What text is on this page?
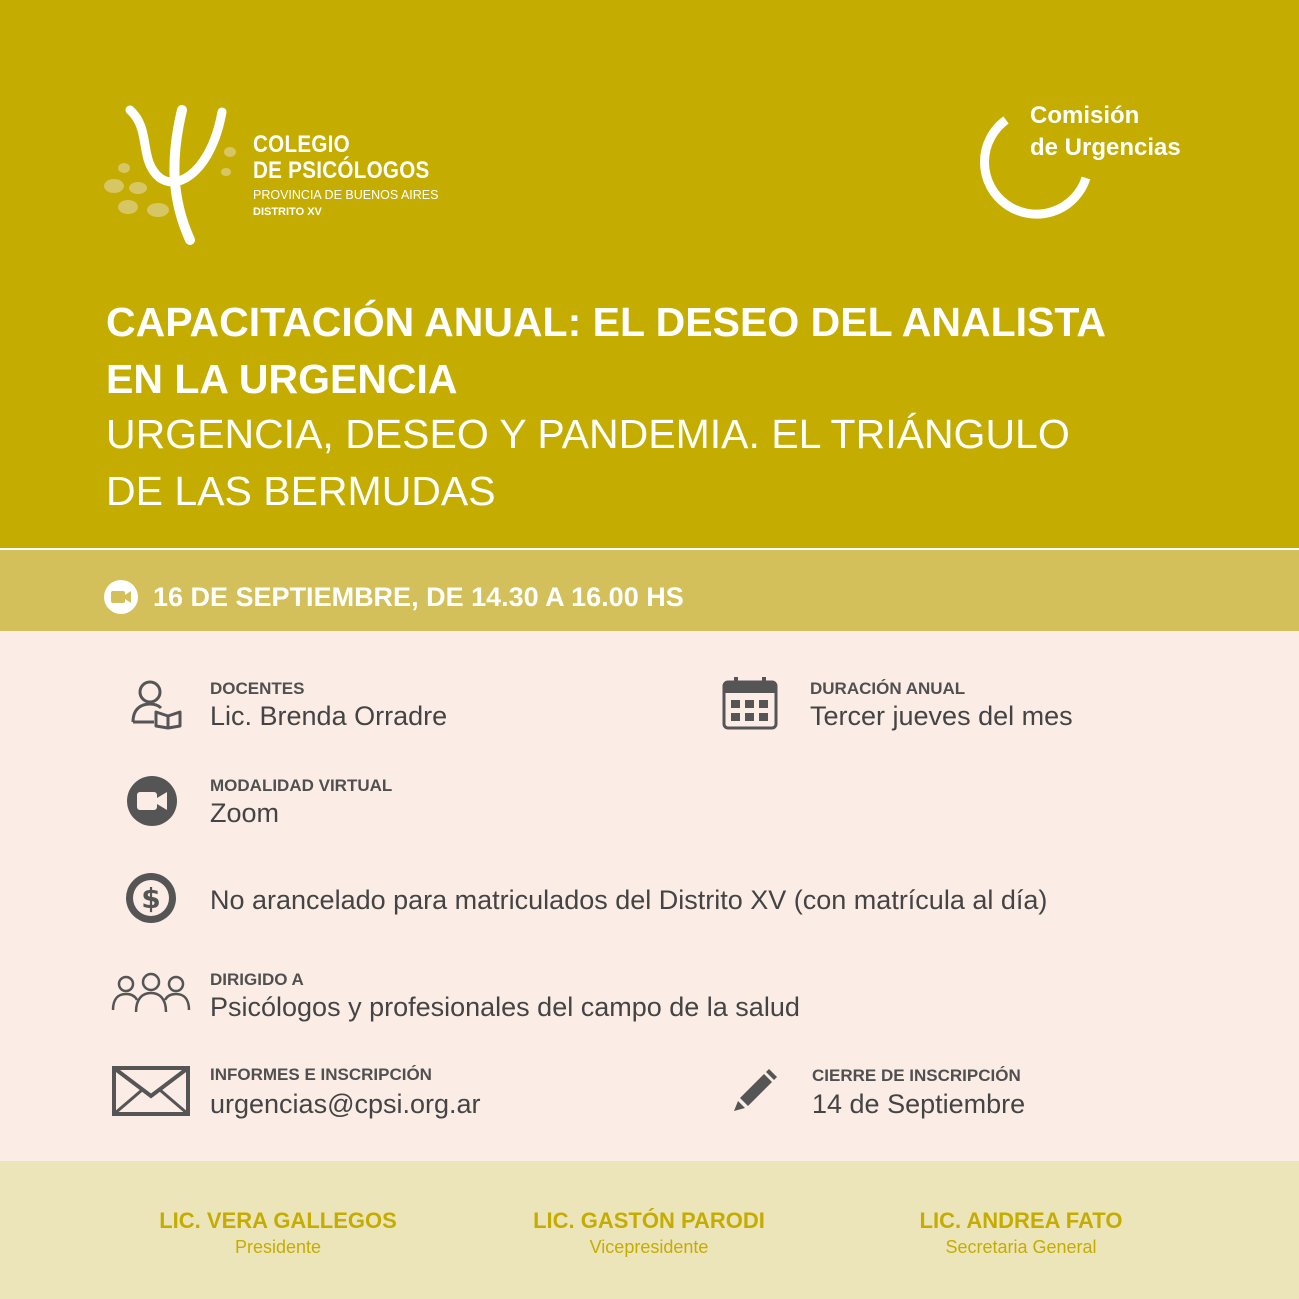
COLEGIO
DE PSICÓLOGOS
PROVINCIA DE BUENOS AIRES
DISTRITO XV
Comisión
de Urgencias
CAPACITACIÓN ANUAL: EL DESEO DEL ANALISTA
EN LA URGENCIA
URGENCIA, DESEO Y PANDEMIA. EL TRIÁNGULO
DE LAS BERMUDAS
16 DE SEPTIEMBRE, DE 14.30 A 16.00 HS
DOCENTES
Lic. Brenda Orradre
DURACIÓN ANUAL
Tercer jueves del mes
MODALIDAD VIRTUAL
Zoom
$ No arancelado para matriculados del Distrito XV (con matrícula al día)
DIRIGIDO A
Psicólogos y profesionales del campo de la salud
INFORMES E INSCRIPCIÓN
urgencias@cpsi.org.ar
CIERRE DE INSCRIPCIÓN
14 de Septiembre
LIC. VERA GALLEGOS
Presidente
LIC. GASTÓN PARODI
Vicepresidente
LIC. ANDREA FATO
Secretaria General
